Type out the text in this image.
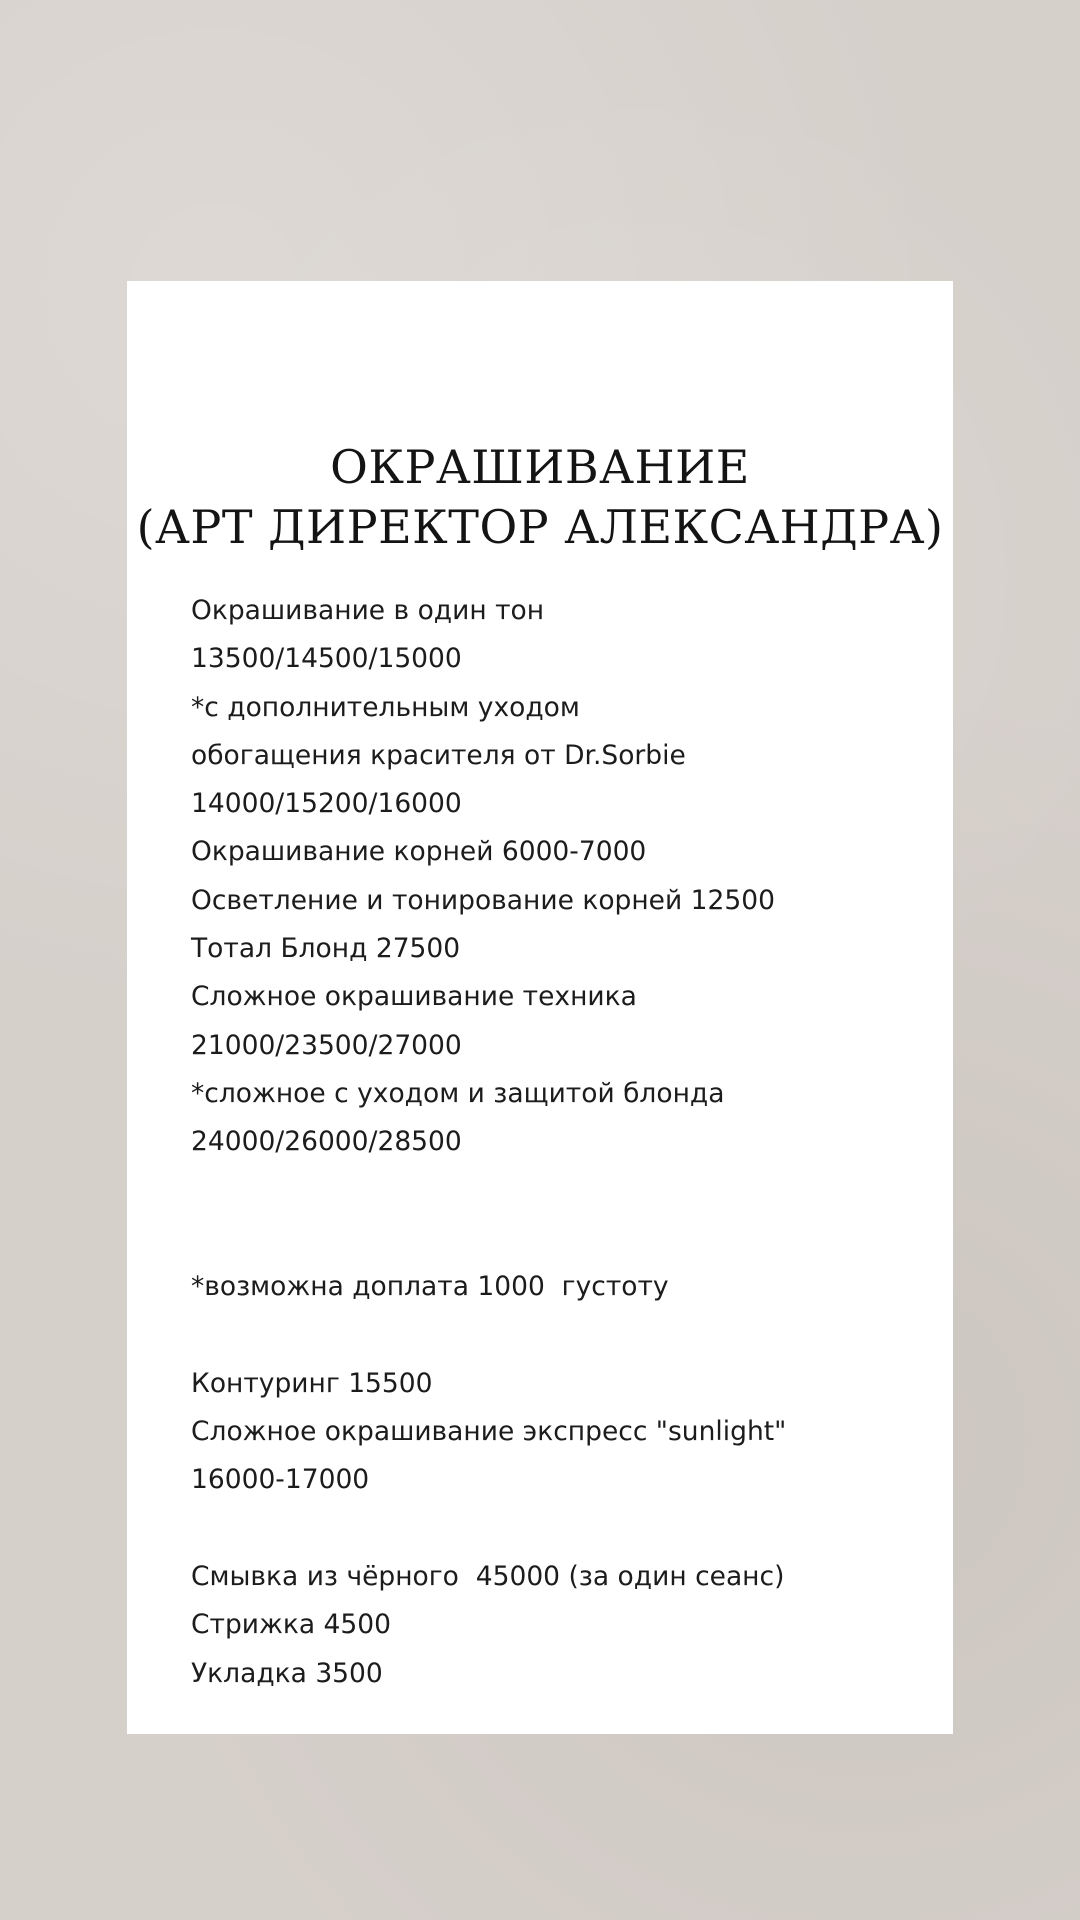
ОКРАШИВАНИЕ
(АРТ ДИРЕКТОР АЛЕКСАНДРА)
Окрашивание в один тон
13500/14500/15000
*с дополнительным уходом
обогащения красителя от Dr.Sorbie
14000/15200/16000
Окрашивание корней 6000-7000
Осветление и тонирование корней 12500
Тотал Блонд 27500
Сложное окрашивание техника
21000/23500/27000
*сложное с уходом и защитой блонда
24000/26000/28500
*возможна доплата 1000  густоту
Контуринг 15500
Сложное окрашивание экспресс "sunlight"
16000-17000
Смывка из чёрного  45000 (за один сеанс)
Стрижка 4500
Укладка 3500
